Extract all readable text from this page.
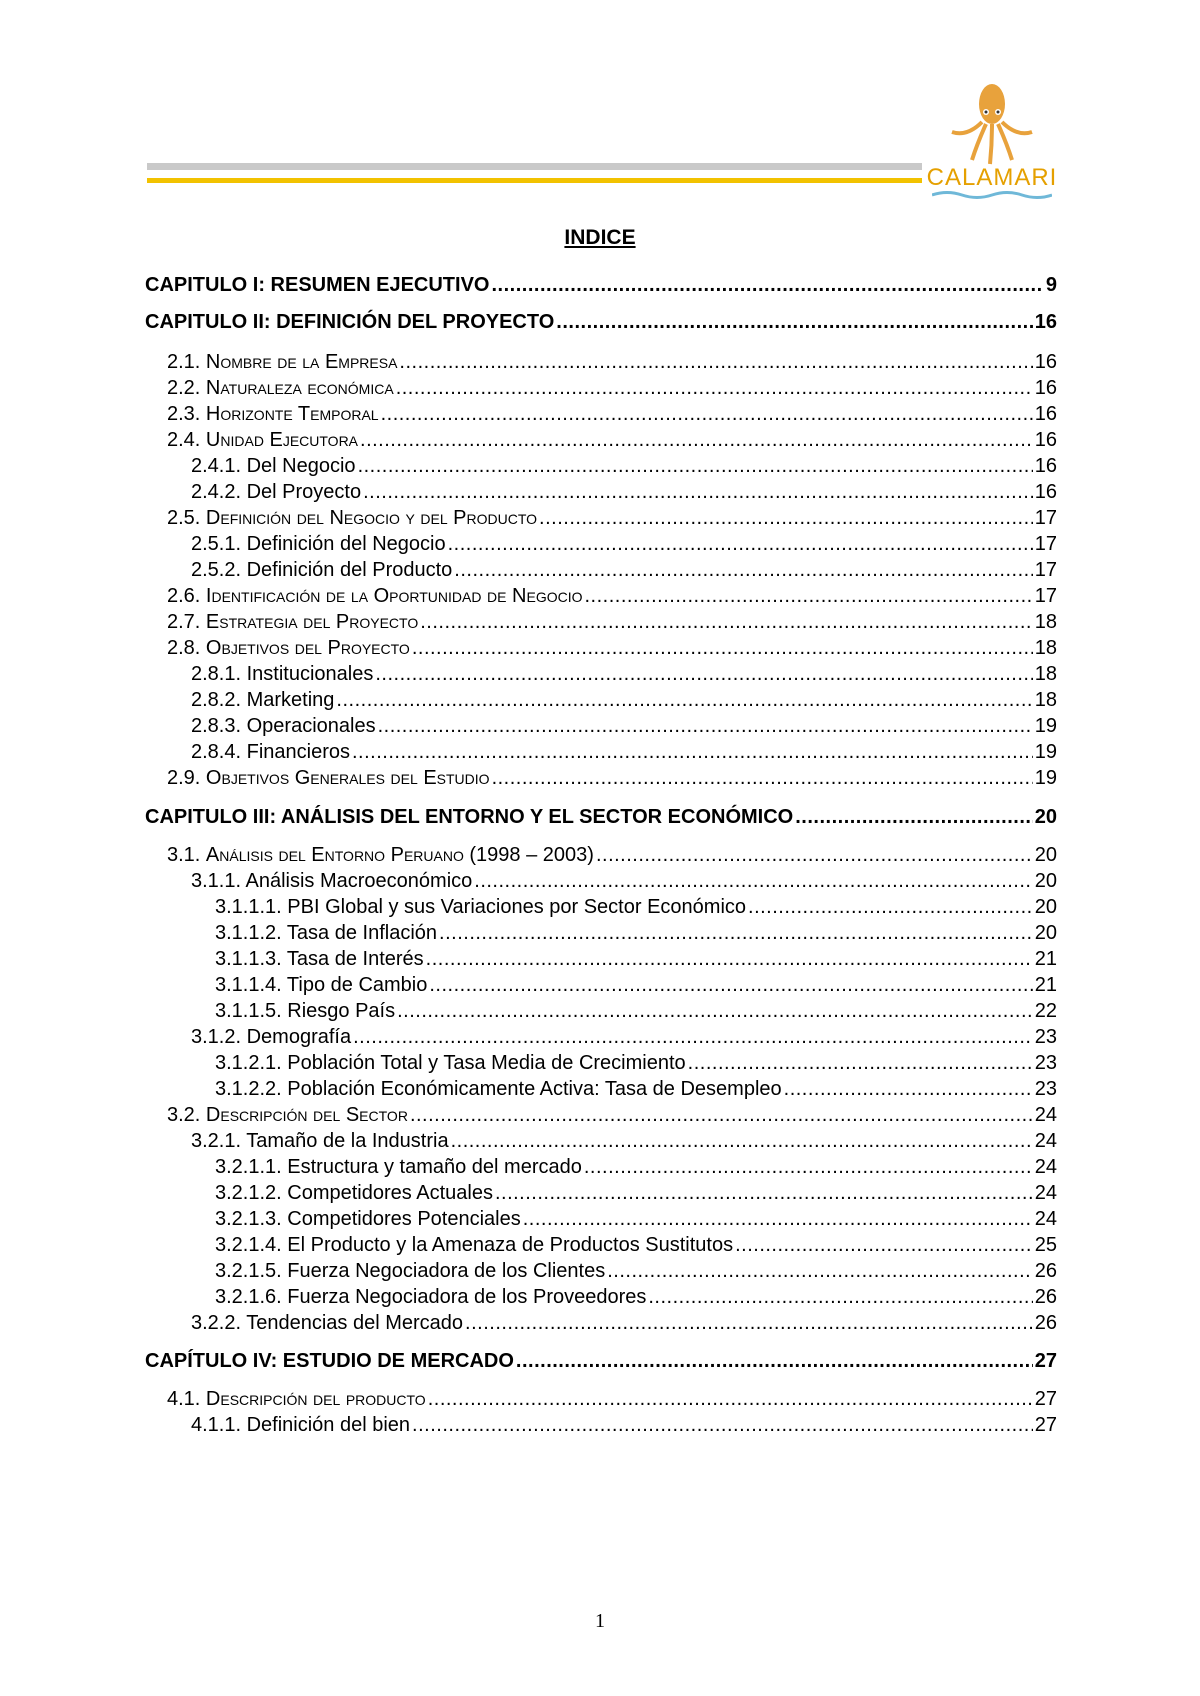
CALAMARI
INDICE
CAPITULO I: RESUMEN EJECUTIVO .....	9
CAPITULO II: DEFINICIÓN DEL PROYECTO .....	16
2.1. Nombre de la Empresa .....	16
2.2. Naturaleza económica .....	16
2.3. Horizonte Temporal .....	16
2.4. Unidad Ejecutora .....	16
2.4.1. Del Negocio .....	16
2.4.2. Del Proyecto .....	16
2.5. Definición del Negocio y del Producto .....	17
2.5.1. Definición del Negocio .....	17
2.5.2. Definición del Producto .....	17
2.6. Identificación de la Oportunidad de Negocio .....	17
2.7. Estrategia del Proyecto .....	18
2.8. Objetivos del Proyecto .....	18
2.8.1. Institucionales .....	18
2.8.2. Marketing .....	18
2.8.3. Operacionales .....	19
2.8.4. Financieros .....	19
2.9. Objetivos Generales del Estudio .....	19
CAPITULO III: ANÁLISIS DEL ENTORNO Y EL SECTOR ECONÓMICO .....	20
3.1. Análisis del Entorno Peruano (1998 – 2003) .....	20
3.1.1. Análisis Macroeconómico .....	20
3.1.1.1. PBI Global y sus Variaciones por Sector Económico .....	20
3.1.1.2. Tasa de Inflación .....	20
3.1.1.3. Tasa de Interés .....	21
3.1.1.4. Tipo de Cambio .....	21
3.1.1.5. Riesgo País .....	22
3.1.2. Demografía .....	23
3.1.2.1. Población Total y Tasa Media de Crecimiento .....	23
3.1.2.2. Población Económicamente Activa: Tasa de Desempleo .....	23
3.2. Descripción del Sector .....	24
3.2.1. Tamaño de la Industria .....	24
3.2.1.1. Estructura y tamaño del mercado .....	24
3.2.1.2. Competidores Actuales .....	24
3.2.1.3. Competidores Potenciales .....	24
3.2.1.4. El Producto y la Amenaza de Productos Sustitutos .....	25
3.2.1.5. Fuerza Negociadora de los Clientes .....	26
3.2.1.6. Fuerza Negociadora de los Proveedores .....	26
3.2.2. Tendencias del Mercado .....	26
CAPÍTULO IV: ESTUDIO DE MERCADO .....	27
4.1. Descripción del producto .....	27
4.1.1. Definición del bien .....	27
1
